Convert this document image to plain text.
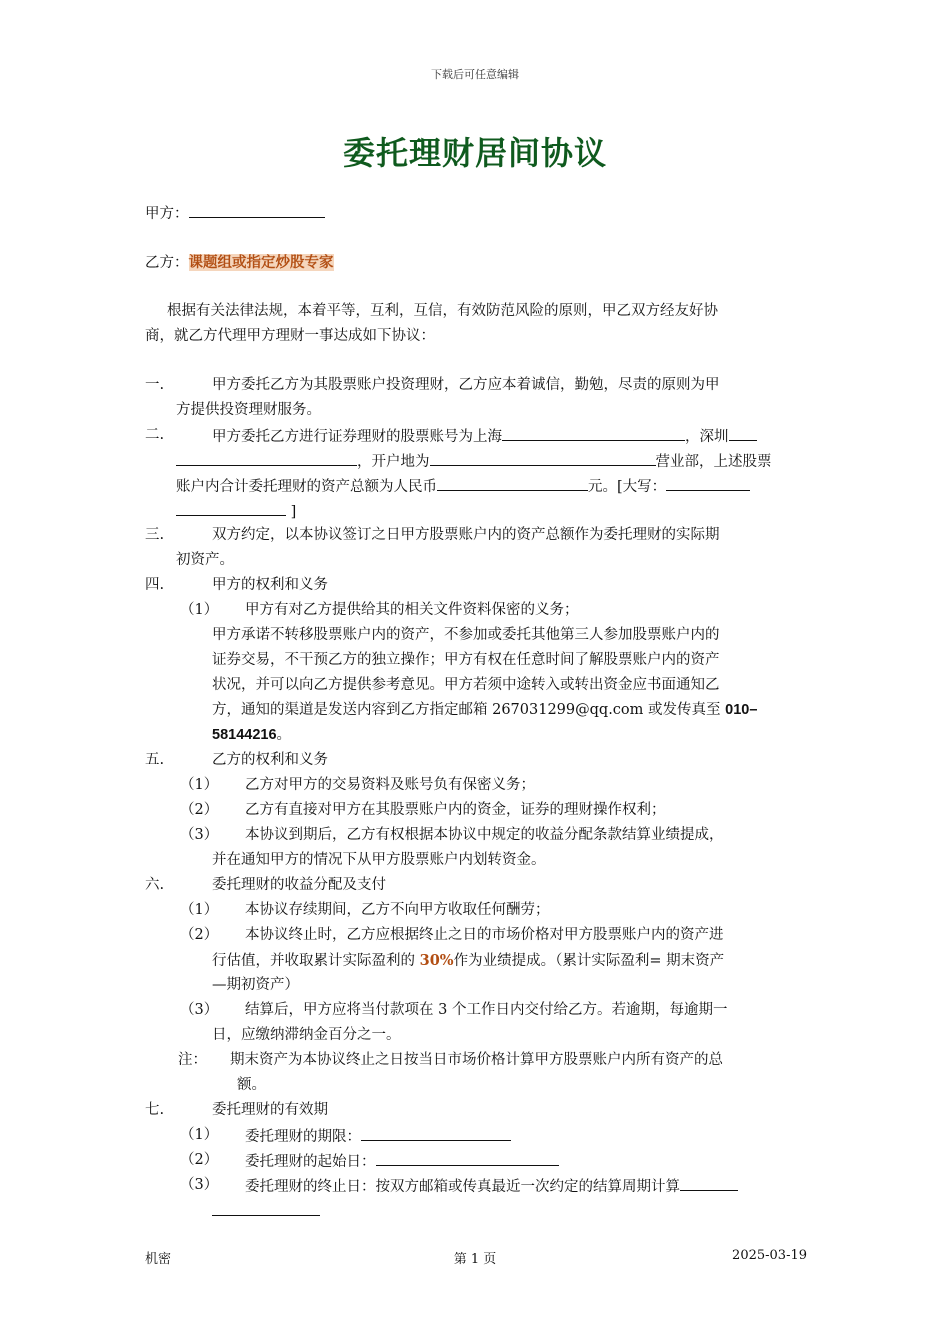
下载后可任意编辑
委托理财居间协议
甲方：
乙方：课题组或指定炒股专家
根据有关法律法规，本着平等，互利，互信，有效防范风险的原则，甲乙双方经友好协
商，就乙方代理甲方理财一事达成如下协议：
一.	甲方委托乙方为其股票账户投资理财，乙方应本着诚信，勤勉，尽责的原则为甲
方提供投资理财服务。
二.	甲方委托乙方进行证券理财的股票账号为上海	，深圳
，开户地为	营业部，上述股票
账户内合计委托理财的资产总额为人民币	元。[大写：
]
三.	双方约定，以本协议签订之日甲方股票账户内的资产总额作为委托理财的实际期
初资产。
四.	甲方的权利和义务
（1） 甲方有对乙方提供给其的相关文件资料保密的义务；
甲方承诺不转移股票账户内的资产，不参加或委托其他第三人参加股票账户内的
证券交易，不干预乙方的独立操作；甲方有权在任意时间了解股票账户内的资产
状况，并可以向乙方提供参考意见。甲方若须中途转入或转出资金应书面通知乙
方，通知的渠道是发送内容到乙方指定邮箱 267031299@qq.com 或发传真至 010–
58144216。
五.	乙方的权利和义务
（1） 乙方对甲方的交易资料及账号负有保密义务；
（2） 乙方有直接对甲方在其股票账户内的资金，证券的理财操作权利；
（3） 本协议到期后，乙方有权根据本协议中规定的收益分配条款结算业绩提成，
并在通知甲方的情况下从甲方股票账户内划转资金。
六.	委托理财的收益分配及支付
（1） 本协议存续期间，乙方不向甲方收取任何酬劳；
（2） 本协议终止时，乙方应根据终止之日的市场价格对甲方股票账户内的资产进
行估值，并收取累计实际盈利的 30%作为业绩提成。（累计实际盈利= 期末资产
—期初资产）
（3） 结算后，甲方应将当付款项在 3 个工作日内交付给乙方。若逾期，每逾期一
日，应缴纳滞纳金百分之一。
注： 期末资产为本协议终止之日按当日市场价格计算甲方股票账户内所有资产的总
额。
七.	委托理财的有效期
（1） 委托理财的期限：
（2） 委托理财的起始日：
（3） 委托理财的终止日：按双方邮箱或传真最近一次约定的结算周期计算
机密	第 1 页	2025-03-19
